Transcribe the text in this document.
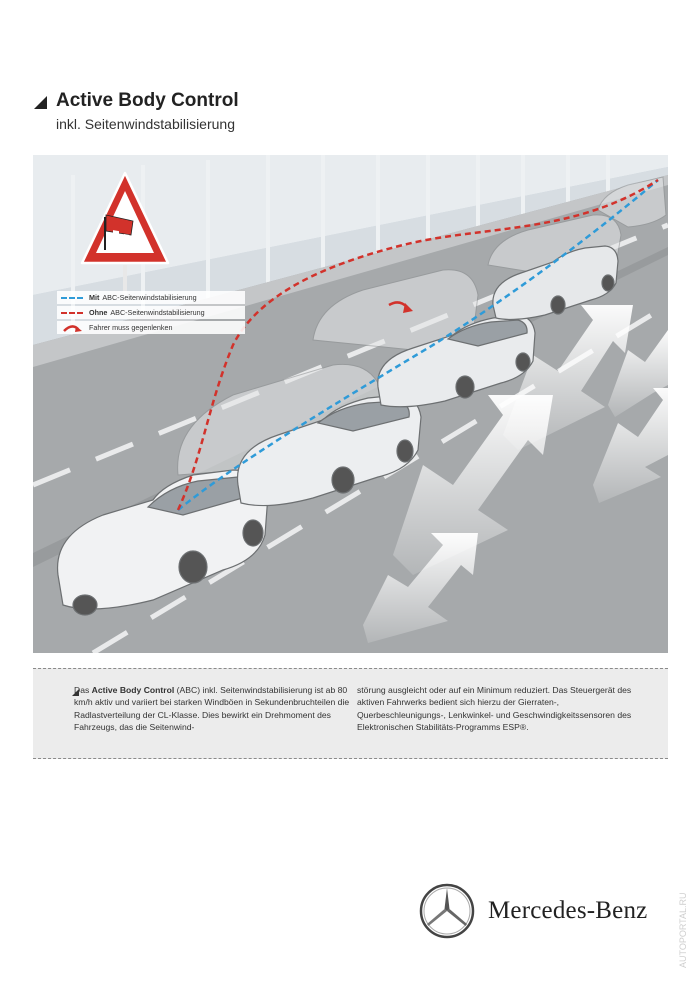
Active Body Control
inkl. Seitenwindstabilisierung
Mit ABC-Seitenwindstabilisierung
Ohne ABC-Seitenwindstabilisierung
Fahrer muss gegenlenken
Das Active Body Control (ABC) inkl. Seitenwindstabilisierung ist ab 80 km/h aktiv und variiert bei starken Windböen in Sekundenbruchteilen die Radlastverteilung der CL-Klasse. Dies bewirkt ein Drehmoment des Fahrzeugs, das die Seitenwind-
störung ausgleicht oder auf ein Minimum reduziert. Das Steuergerät des aktiven Fahrwerks bedient sich hierzu der Gierraten-, Querbeschleunigungs-, Lenkwinkel- und Geschwindigkeitssensoren des Elektronischen Stabilitäts-Programms ESP®.
Mercedes-Benz	AUTOPORTAL.RU
